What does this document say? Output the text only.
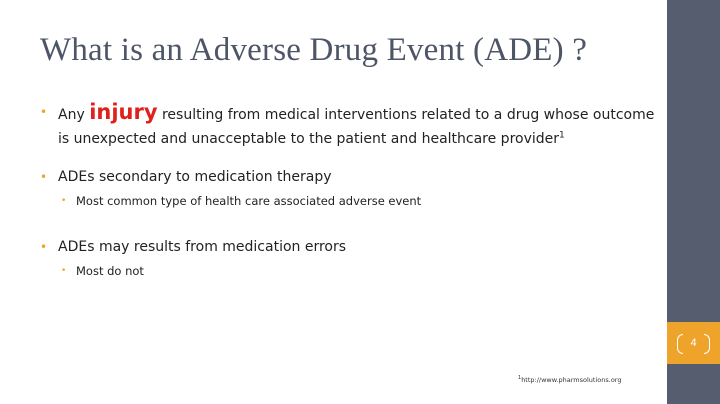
What is an Adverse Drug Event (ADE) ?
• Any injury resulting from medical interventions related to a drug whose outcome is unexpected and unacceptable to the patient and healthcare provider$^1$
• ADEs secondary to medication therapy
• Most common type of health care associated adverse event
• ADEs may results from medication errors
• Most do not
$^1$http://www.pharmsolutions.org
4
